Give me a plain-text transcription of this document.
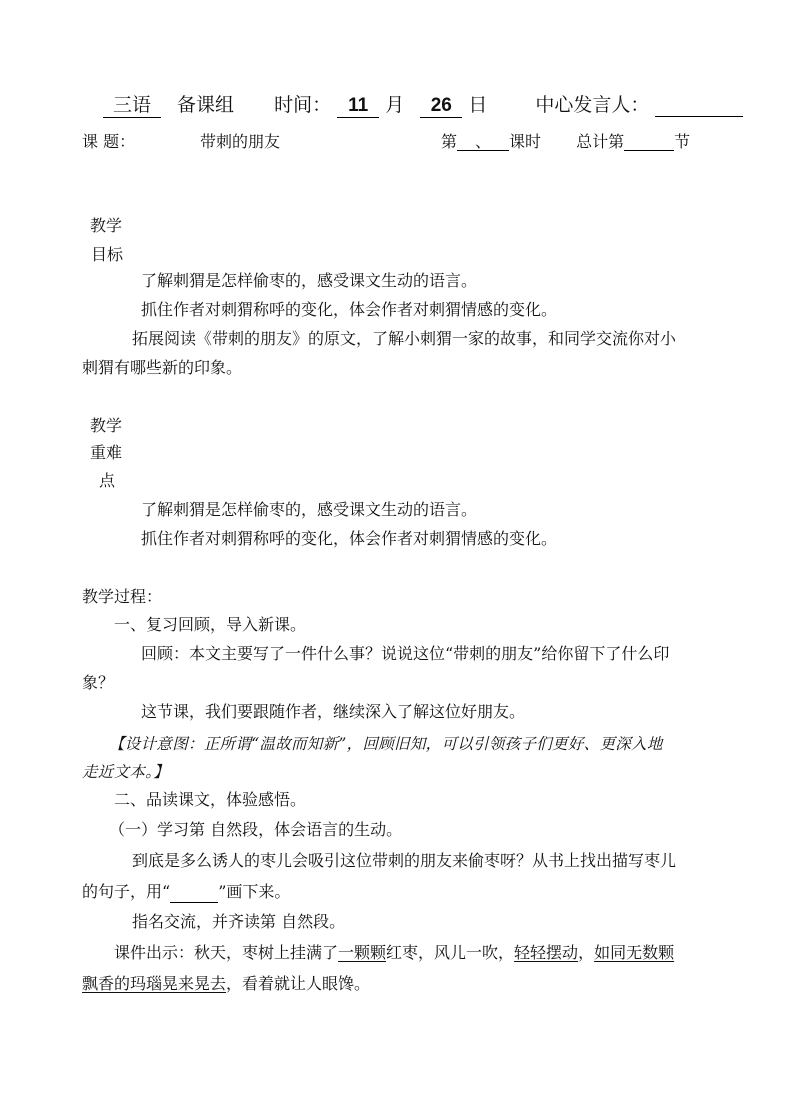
三语 备课组 时间： 11 月 26 日	中心发言人：
课 题：	带刺的朋友	第 、 课时 总计第	节
教学
目标
了解刺猬是怎样偷枣的，感受课文生动的语言。
抓住作者对刺猬称呼的变化，体会作者对刺猬情感的变化。
拓展阅读《带刺的朋友》的原文，了解小刺猬一家的故事，和同学交流你对小
刺猬有哪些新的印象。
教学
重难
点
了解刺猬是怎样偷枣的，感受课文生动的语言。
抓住作者对刺猬称呼的变化，体会作者对刺猬情感的变化。
教学过程：
一、复习回顾，导入新课。
回顾：本文主要写了一件什么事？说说这位“带刺的朋友”给你留下了什么印
象？
这节课，我们要跟随作者，继续深入了解这位好朋友。
【设计意图：正所谓“温故而知新”，回顾旧知，可以引领孩子们更好、更深入地
走近文本。】
二、品读课文，体验感悟。
（一）学习第 自然段，体会语言的生动。
到底是多么诱人的枣儿会吸引这位带刺的朋友来偷枣呀？从书上找出描写枣儿
的句子，用“	”画下来。
指名交流，并齐读第 自然段。
课件出示：秋天，枣树上挂满了一颗颗红枣，风儿一吹，轻轻摆动，如同无数颗
飘香的玛瑙晃来晃去，看着就让人眼馋。
